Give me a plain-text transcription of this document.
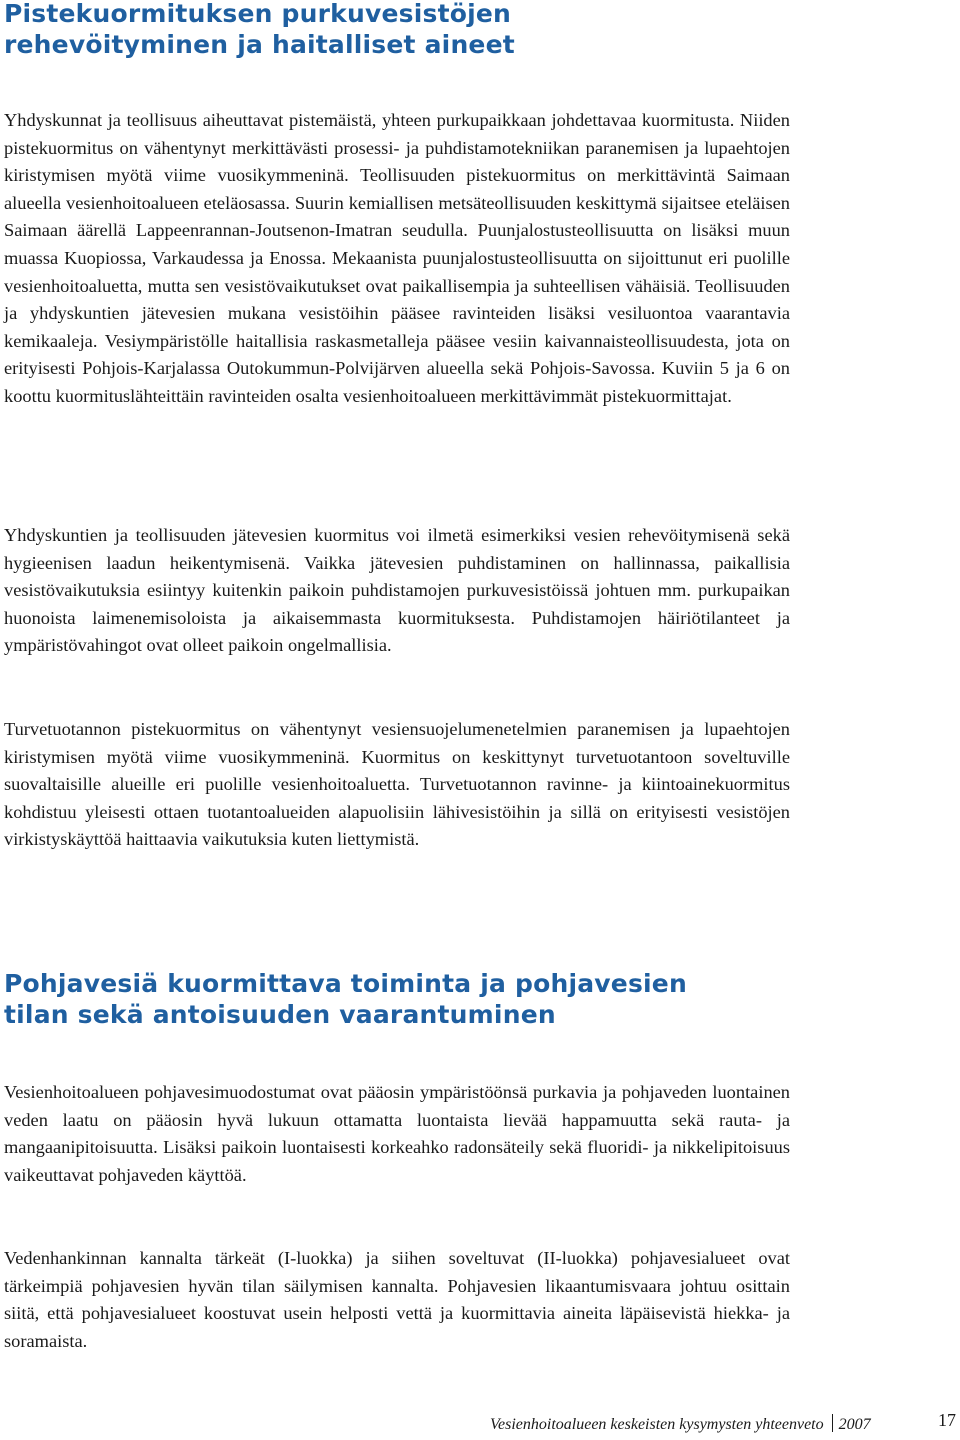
Pistekuormituksen purkuvesistöjen
rehevöityminen ja haitalliset aineet

Yhdyskunnat ja teollisuus aiheuttavat pistemäistä, yhteen purkupaikkaan johdettavaa kuormitusta. Niiden pistekuormitus on vähentynyt merkittävästi prosessi- ja puhdistamotekniikan paranemisen ja lupaehtojen kiristymisen myötä viime vuosikymmeninä. Teollisuuden pistekuormitus on merkittävintä Saimaan alueella vesienhoitoalueen eteläosassa. Suurin kemiallisen metsäteollisuuden keskittymä sijaitsee eteläisen Saimaan äärellä Lappeenrannan-Joutsenon-Imatran seudulla. Puunjalostusteollisuutta on lisäksi muun muassa Kuopiossa, Varkaudessa ja Enossa. Mekaanista puunjalostusteollisuutta on sijoittunut eri puolille vesienhoitoaluetta, mutta sen vesistövaikutukset ovat paikallisempia ja suhteellisen vähäisiä. Teollisuuden ja yhdyskuntien jätevesien mukana vesistöihin pääsee ravinteiden lisäksi vesiluontoa vaarantavia kemikaaleja. Vesiympäristölle haitallisia raskasmetalleja pääsee vesiin kaivannaisteollisuudesta, jota on erityisesti Pohjois-Karjalassa Outokummun-Polvijärven alueella sekä Pohjois-Savossa. Kuviin 5 ja 6 on koottu kuormituslähteittäin ravinteiden osalta vesienhoitoalueen merkittävimmät pistekuormittajat.

Yhdyskuntien ja teollisuuden jätevesien kuormitus voi ilmetä esimerkiksi vesien rehevöitymisenä sekä hygieenisen laadun heikentymisenä. Vaikka jätevesien puhdistaminen on hallinnassa, paikallisia vesistövaikutuksia esiintyy kuitenkin paikoin puhdistamojen purkuvesistöissä johtuen mm. purkupaikan huonoista laimenemisoloista ja aikaisemmasta kuormituksesta. Puhdistamojen häiriötilanteet ja ympäristövahingot ovat olleet paikoin ongelmallisia.

Turvetuotannon pistekuormitus on vähentynyt vesiensuojelumenetelmien paranemisen ja lupaehtojen kiristymisen myötä viime vuosikymmeninä. Kuormitus on keskittynyt turvetuotantoon soveltuville suovaltaisille alueille eri puolille vesienhoitoaluetta. Turvetuotannon ravinne- ja kiintoainekuormitus kohdistuu yleisesti ottaen tuotantoalueiden alapuolisiin lähivesistöihin ja sillä on erityisesti vesistöjen virkistyskäyttöä haittaavia vaikutuksia kuten liettymistä.

Pohjavesiä kuormittava toiminta ja pohjavesien
tilan sekä antoisuuden vaarantuminen

Vesienhoitoalueen pohjavesimuodostumat ovat pääosin ympäristöönsä purkavia ja pohjaveden luontainen veden laatu on pääosin hyvä lukuun ottamatta luontaista lievää happamuutta sekä rauta- ja mangaanipitoisuutta. Lisäksi paikoin luontaisesti korkeahko radonsäteily sekä fluoridi- ja nikkelipitoisuus vaikeuttavat pohjaveden käyttöä.

Vedenhankinnan kannalta tärkeät (I-luokka) ja siihen soveltuvat (II-luokka) pohjavesialueet ovat tärkeimpiä pohjavesien hyvän tilan säilymisen kannalta. Pohjavesien likaantumisvaara johtuu osittain siitä, että pohjavesialueet koostuvat usein helposti vettä ja kuormittavia aineita läpäisevistä hiekka- ja soramaista.

Vesienhoitoalueen keskeisten kysymysten yhteenveto 2007	17
